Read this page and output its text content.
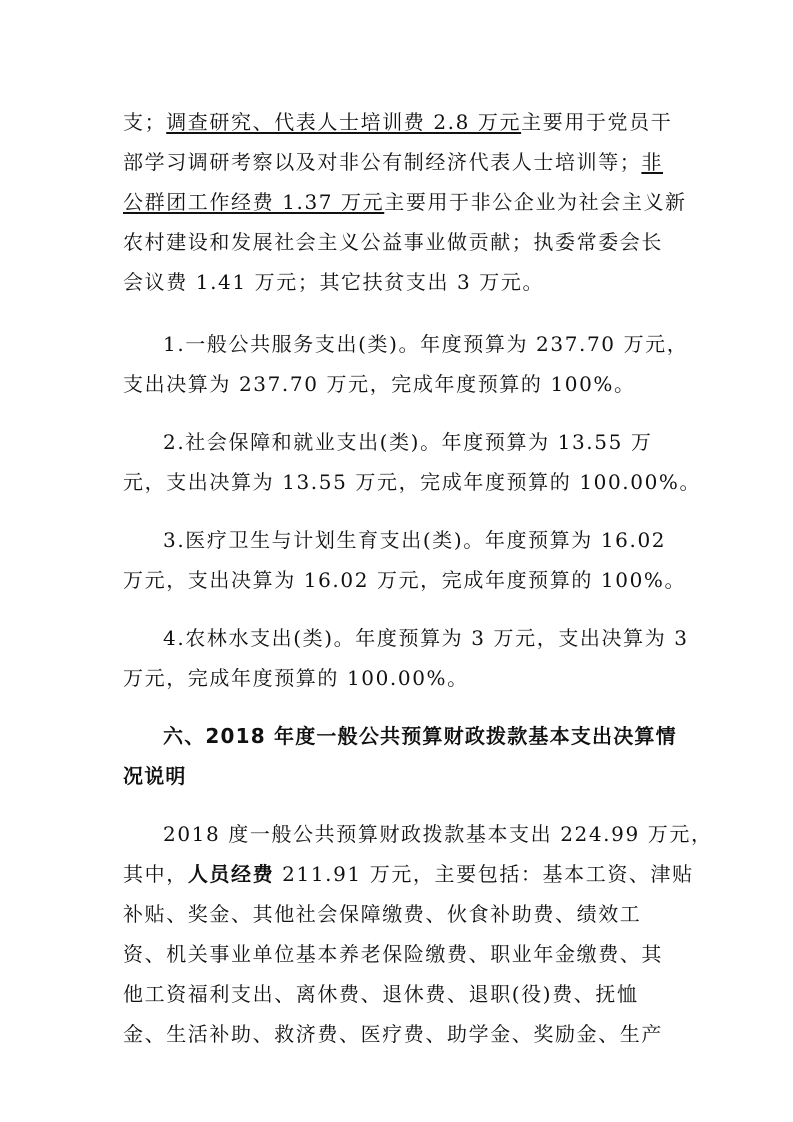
支；调查研究、代表人士培训费 2.8 万元主要用于党员干
部学习调研考察以及对非公有制经济代表人士培训等；非
公群团工作经费 1.37 万元主要用于非公企业为社会主义新
农村建设和发展社会主义公益事业做贡献；执委常委会长
会议费 1.41 万元；其它扶贫支出 3 万元。
1.一般公共服务支出(类)。年度预算为 237.70 万元，
支出决算为 237.70 万元，完成年度预算的 100%。
2.社会保障和就业支出(类)。年度预算为 13.55 万
元，支出决算为 13.55 万元，完成年度预算的 100.00%。
3.医疗卫生与计划生育支出(类)。年度预算为 16.02
万元，支出决算为 16.02 万元，完成年度预算的 100%。
4.农林水支出(类)。年度预算为 3 万元，支出决算为 3
万元，完成年度预算的 100.00%。
六、2018 年度一般公共预算财政拨款基本支出决算情
况说明
2018 度一般公共预算财政拨款基本支出 224.99 万元，
其中，人员经费 211.91 万元，主要包括：基本工资、津贴
补贴、奖金、其他社会保障缴费、伙食补助费、绩效工
资、机关事业单位基本养老保险缴费、职业年金缴费、其
他工资福利支出、离休费、退休费、退职(役)费、抚恤
金、生活补助、救济费、医疗费、助学金、奖励金、生产
